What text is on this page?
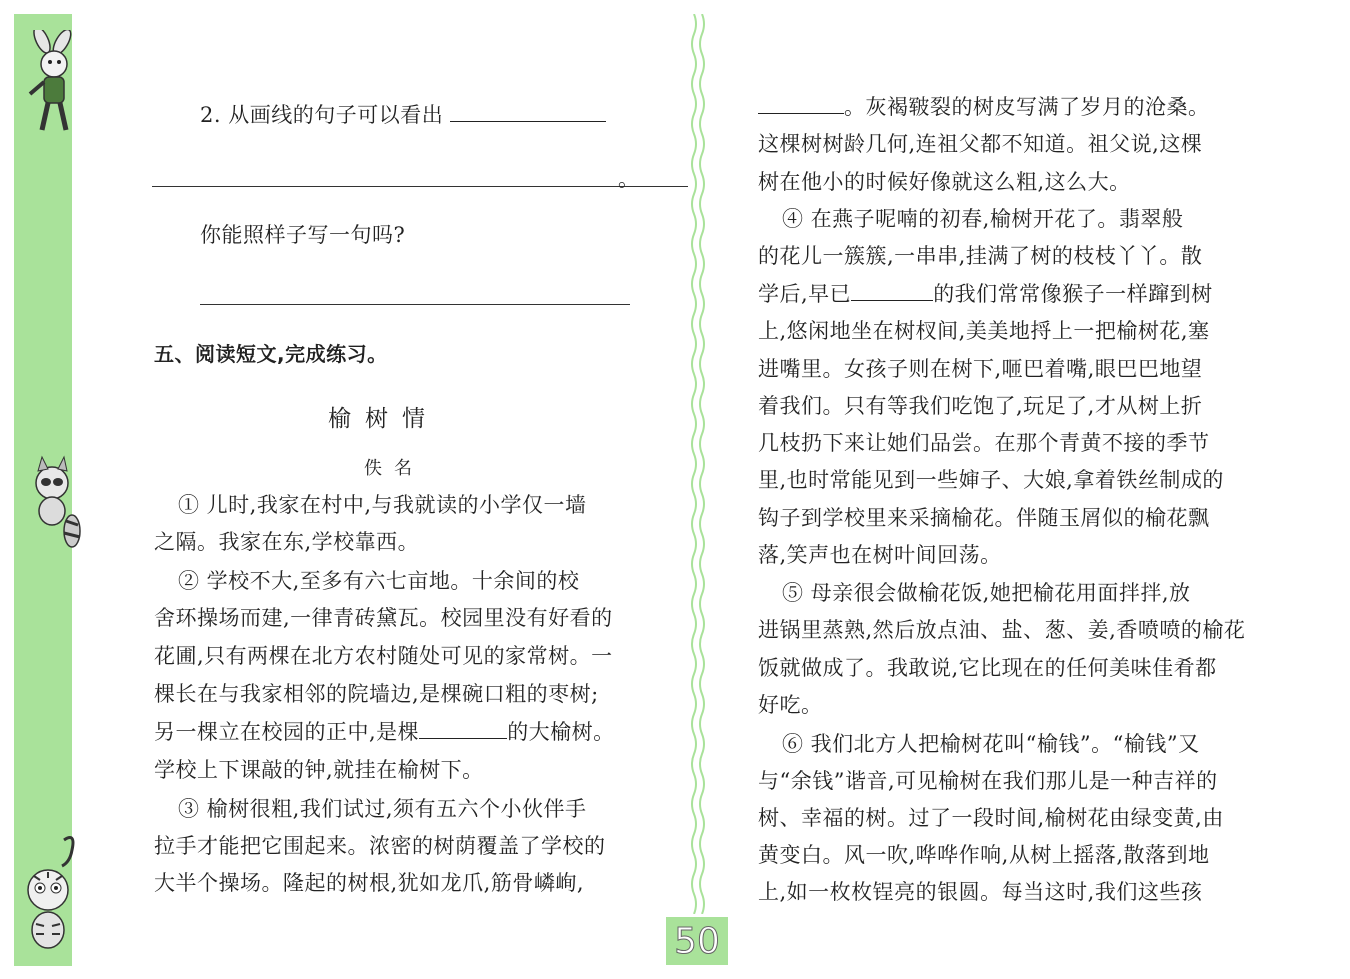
2. 从画线的句子可以看出
。
你能照样子写一句吗?
五、阅读短文,完成练习。
榆树情
佚名
① 儿时,我家在村中,与我就读的小学仅一墙
之隔。我家在东,学校靠西。
② 学校不大,至多有六七亩地。十余间的校
舍环操场而建,一律青砖黛瓦。校园里没有好看的
花圃,只有两棵在北方农村随处可见的家常树。一
棵长在与我家相邻的院墙边,是棵碗口粗的枣树;
另一棵立在校园的正中,是棵	的大榆树。
学校上下课敲的钟,就挂在榆树下。
③ 榆树很粗,我们试过,须有五六个小伙伴手
拉手才能把它围起来。浓密的树荫覆盖了学校的
大半个操场。隆起的树根,犹如龙爪,筋骨嶙峋,
。灰褐皲裂的树皮写满了岁月的沧桑。
这棵树树龄几何,连祖父都不知道。祖父说,这棵
树在他小的时候好像就这么粗,这么大。
④ 在燕子呢喃的初春,榆树开花了。翡翠般
的花儿一簇簇,一串串,挂满了树的枝枝丫丫。散
学后,早已	的我们常常像猴子一样蹿到树
上,悠闲地坐在树杈间,美美地捋上一把榆树花,塞
进嘴里。女孩子则在树下,咂巴着嘴,眼巴巴地望
着我们。只有等我们吃饱了,玩足了,才从树上折
几枝扔下来让她们品尝。在那个青黄不接的季节
里,也时常能见到一些婶子、大娘,拿着铁丝制成的
钩子到学校里来采摘榆花。伴随玉屑似的榆花飘
落,笑声也在树叶间回荡。
⑤ 母亲很会做榆花饭,她把榆花用面拌拌,放
进锅里蒸熟,然后放点油、盐、葱、姜,香喷喷的榆花
饭就做成了。我敢说,它比现在的任何美味佳肴都
好吃。
⑥ 我们北方人把榆树花叫“榆钱”。“榆钱”又
与“余钱”谐音,可见榆树在我们那儿是一种吉祥的
树、幸福的树。过了一段时间,榆树花由绿变黄,由
黄变白。风一吹,哗哗作响,从树上摇落,散落到地
上,如一枚枚锃亮的银圆。每当这时,我们这些孩
50
